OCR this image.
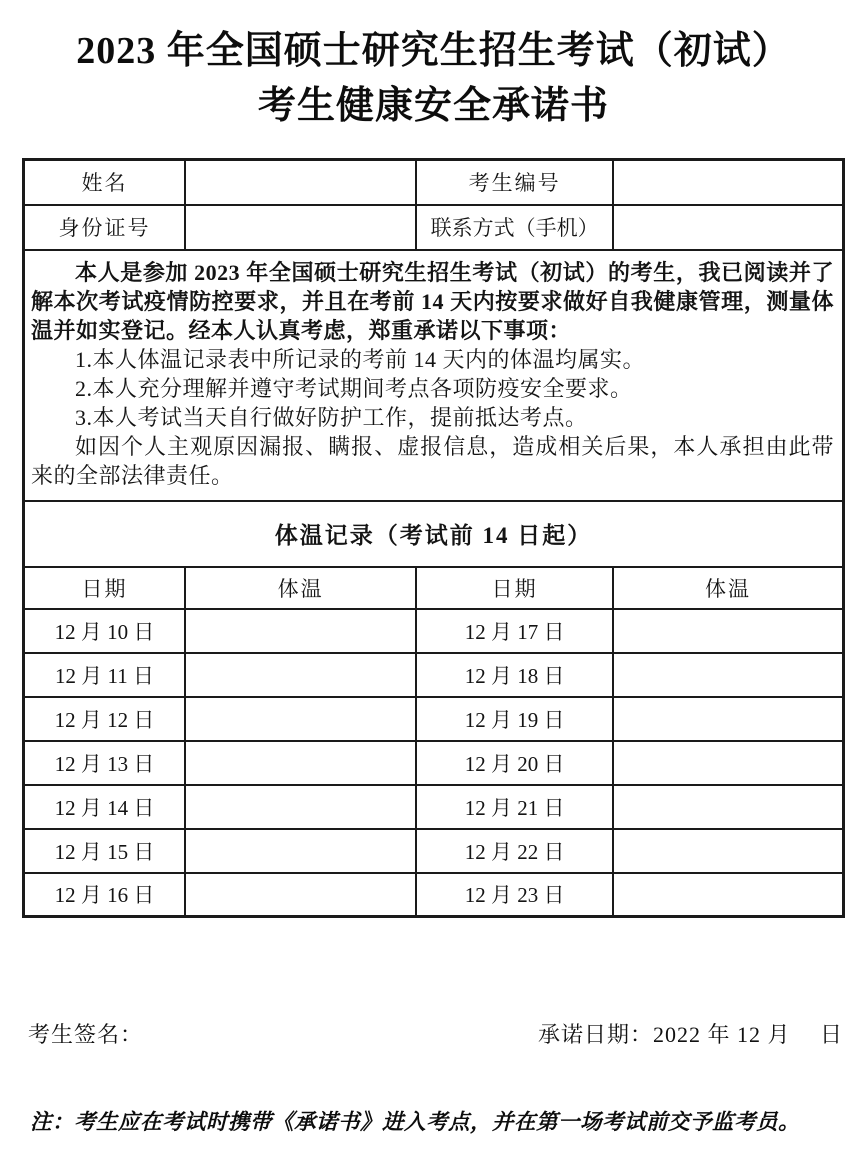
2023 年全国硕士研究生招生考试（初试）
考生健康安全承诺书
姓名		考生编号	
身份证号		联系方式（手机）	

本人是参加 2023 年全国硕士研究生招生考试（初试）的考生，我已阅读并了解本次考试疫情防控要求，并且在考前 14 天内按要求做好自我健康管理，测量体温并如实登记。经本人认真考虑，郑重承诺以下事项：

1.本人体温记录表中所记录的考前 14 天内的体温均属实。

2.本人充分理解并遵守考试期间考点各项防疫安全要求。

3.本人考试当天自行做好防护工作，提前抵达考点。

如因个人主观原因漏报、瞒报、虚报信息，造成相关后果，本人承担由此带来的全部法律责任。			

体温记录（考试前 14 日起）			
日期	体温	日期	体温
12 月 10 日		12 月 17 日	
12 月 11 日		12 月 18 日	
12 月 12 日		12 月 19 日	
12 月 13 日		12 月 20 日	
12 月 14 日		12 月 21 日	
12 月 15 日		12 月 22 日	
12 月 16 日		12 月 23 日	
考生签名：	承诺日期：2022 年 12 月　 日
注：考生应在考试时携带《承诺书》进入考点，并在第一场考试前交予监考员。
